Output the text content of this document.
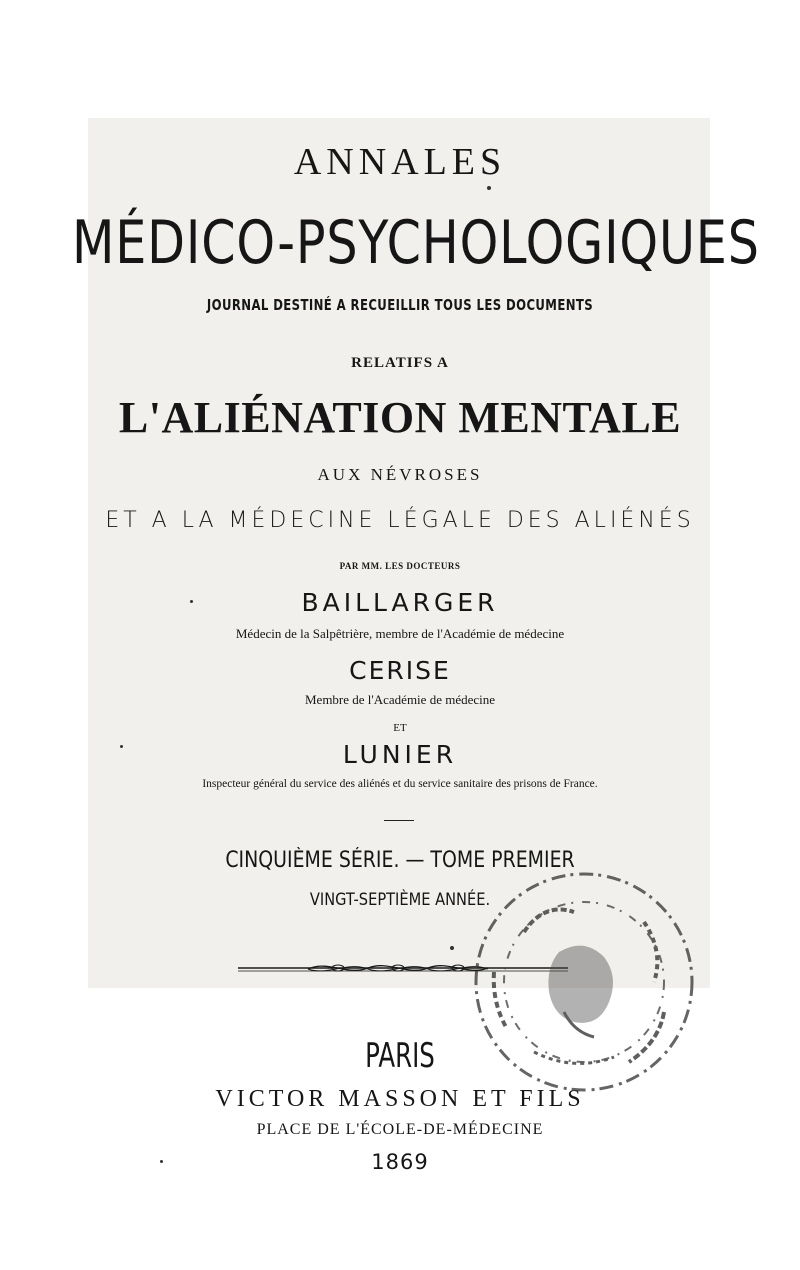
ANNALES
MÉDICO-PSYCHOLOGIQUES
JOURNAL DESTINÉ A RECUEILLIR TOUS LES DOCUMENTS
RELATIFS A
L'ALIÉNATION MENTALE
AUX NÉVROSES
ET A LA MÉDECINE LÉGALE DES ALIÉNÉS
PAR MM. LES DOCTEURS
BAILLARGER
Médecin de la Salpêtrière, membre de l'Académie de médecine
CERISE
Membre de l'Académie de médecine
ET
LUNIER
Inspecteur général du service des aliénés et du service sanitaire des prisons de France.
CINQUIÈME SÉRIE. — TOME PREMIER
VINGT-SEPTIÈME ANNÉE.
PARIS
VICTOR MASSON ET FILS
PLACE DE L'ÉCOLE-DE-MÉDECINE
1869
